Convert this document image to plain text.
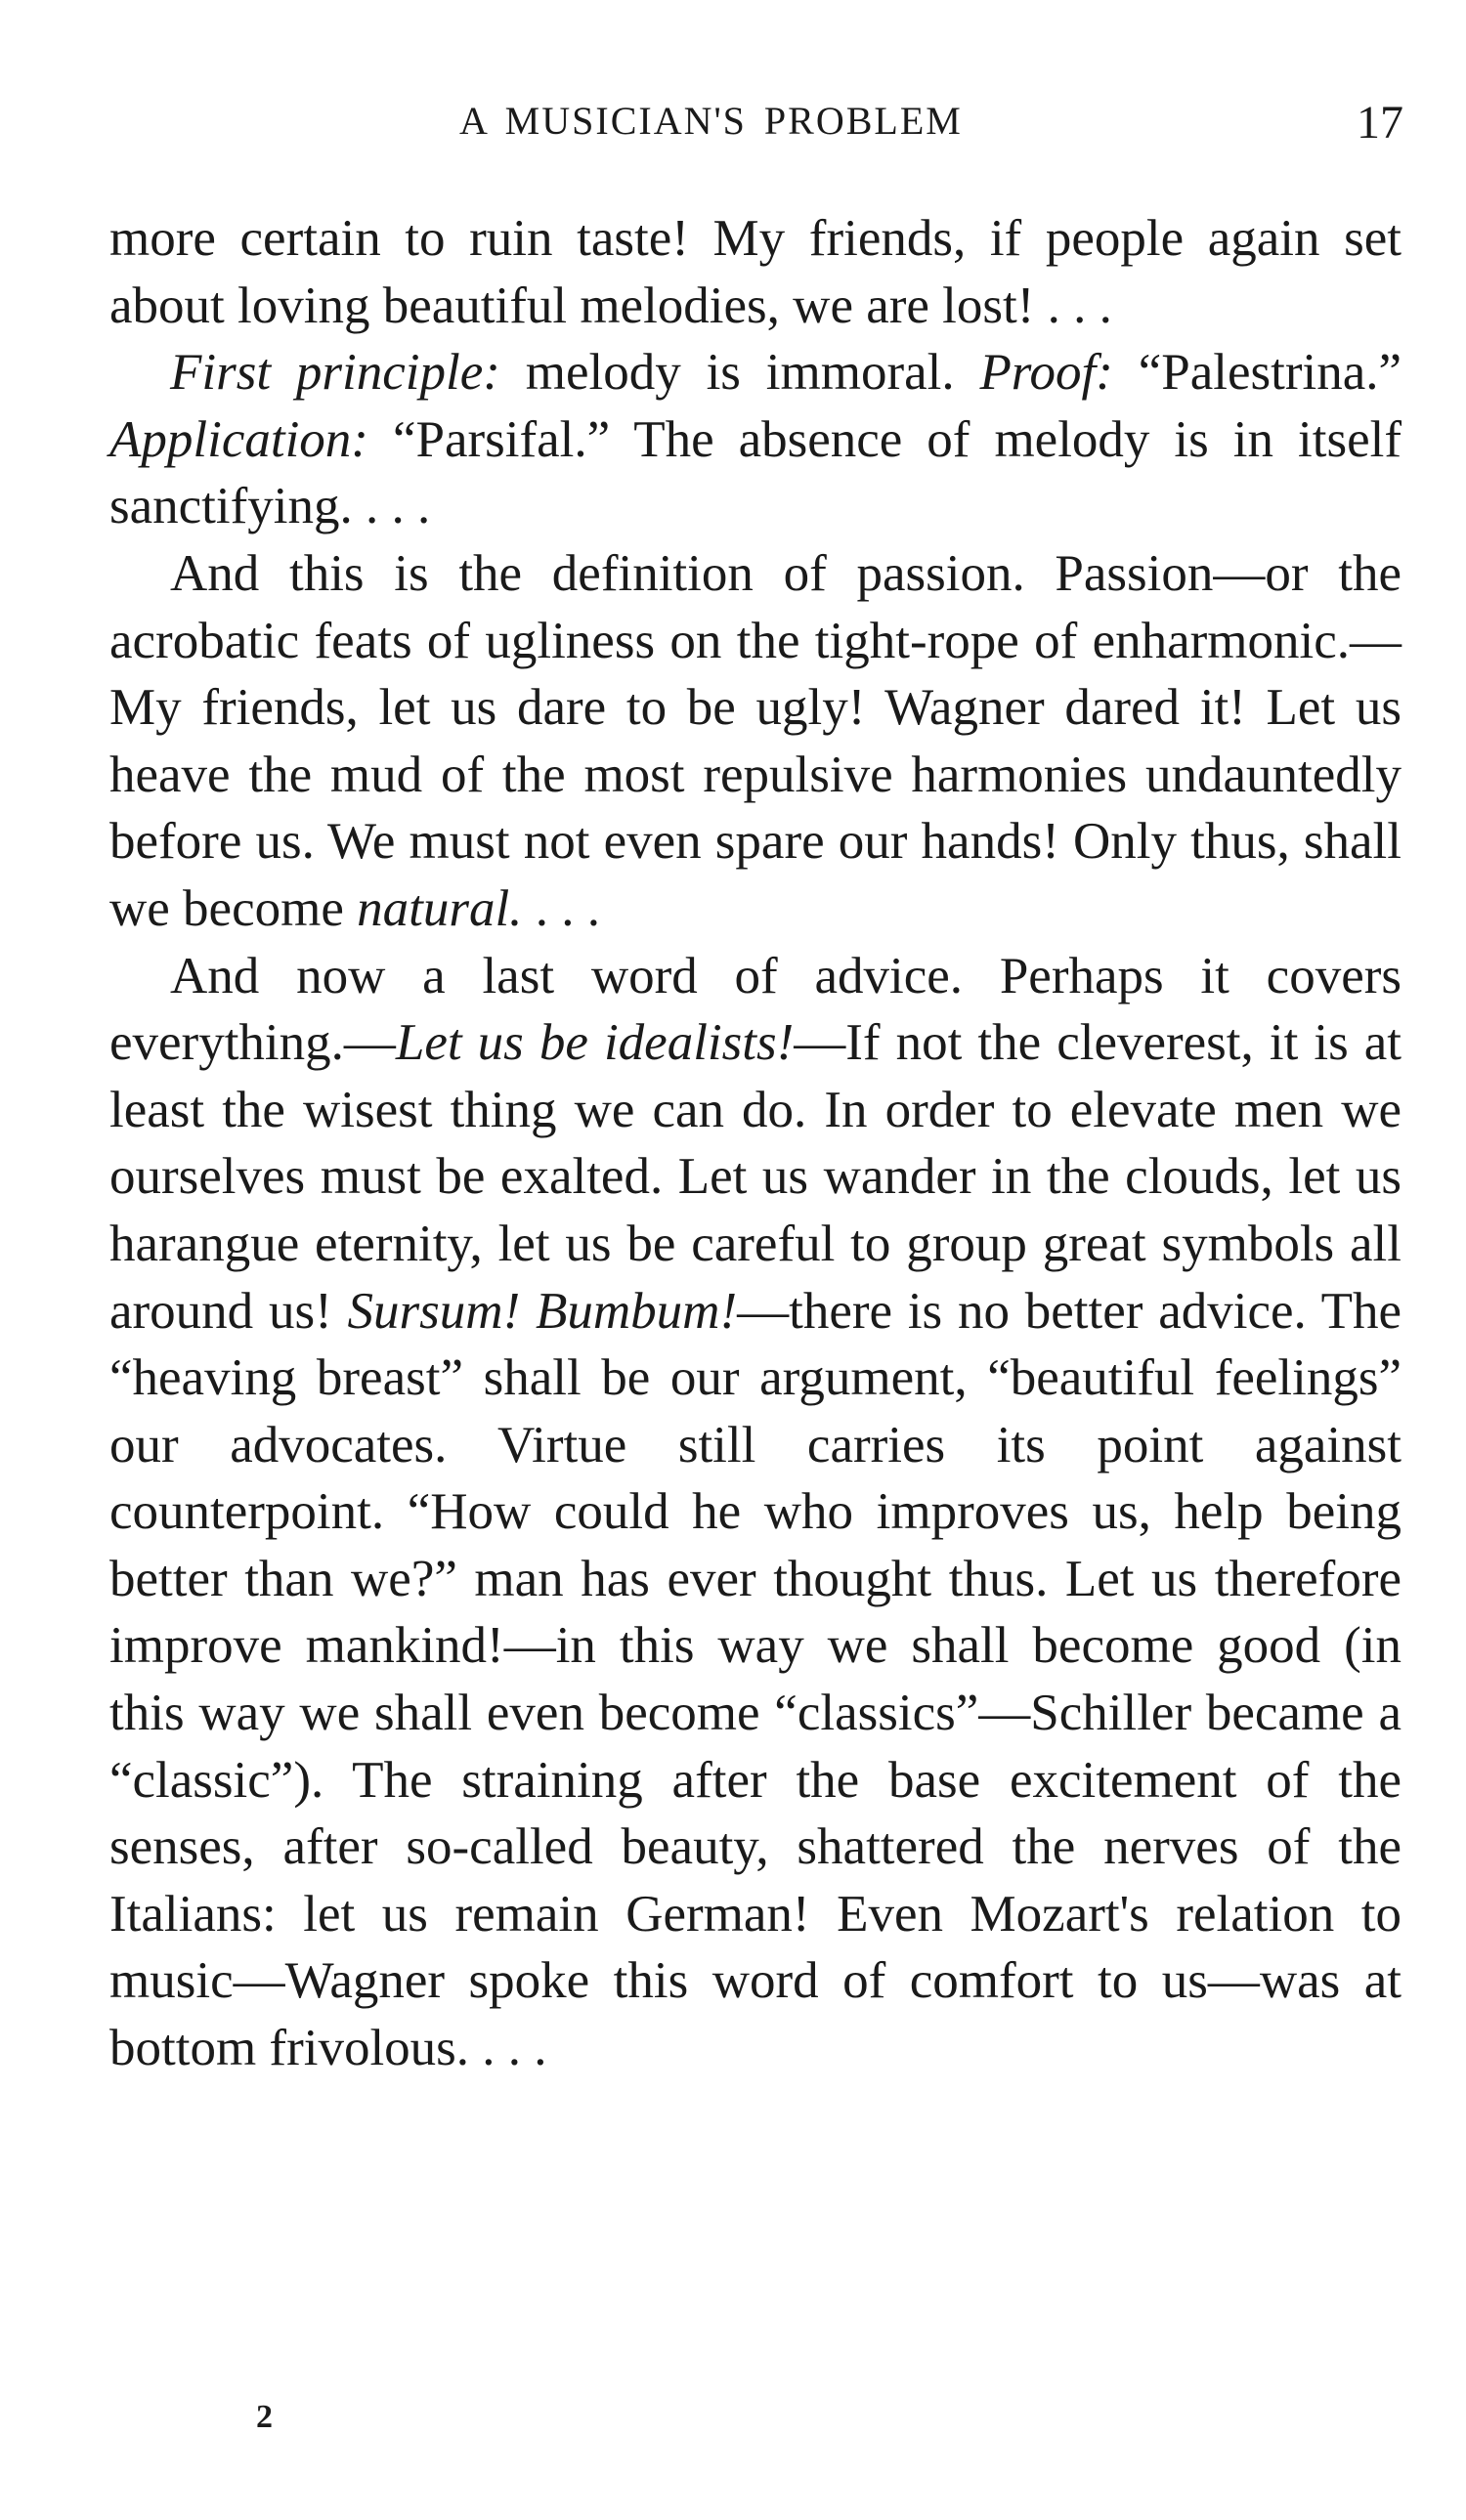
A MUSICIAN'S PROBLEM	17

more certain to ruin taste! My friends, if people again set about loving beautiful melodies, we are lost! . . .

First principle: melody is immoral. Proof: “Palestrina.” Application: “Parsifal.” The absence of melody is in itself sanctifying. . . .

And this is the definition of passion. Passion—or the acrobatic feats of ugliness on the tight-rope of enharmonic.—My friends, let us dare to be ugly! Wagner dared it! Let us heave the mud of the most repulsive harmonies undauntedly before us. We must not even spare our hands! Only thus, shall we become natural. . . .

And now a last word of advice. Perhaps it covers everything.—Let us be idealists!—If not the cleverest, it is at least the wisest thing we can do. In order to elevate men we ourselves must be exalted. Let us wander in the clouds, let us harangue eternity, let us be careful to group great symbols all around us! Sursum! Bumbum!—there is no better advice. The “heaving breast” shall be our argument, “beautiful feelings” our advocates. Virtue still carries its point against counterpoint. “How could he who improves us, help being better than we?” man has ever thought thus. Let us therefore improve mankind!—in this way we shall become good (in this way we shall even become “classics”—Schiller became a “classic”). The straining after the base excitement of the senses, after so-called beauty, shattered the nerves of the Italians: let us remain German! Even Mozart's relation to music—Wagner spoke this word of comfort to us—was at bottom frivolous. . . .

2
